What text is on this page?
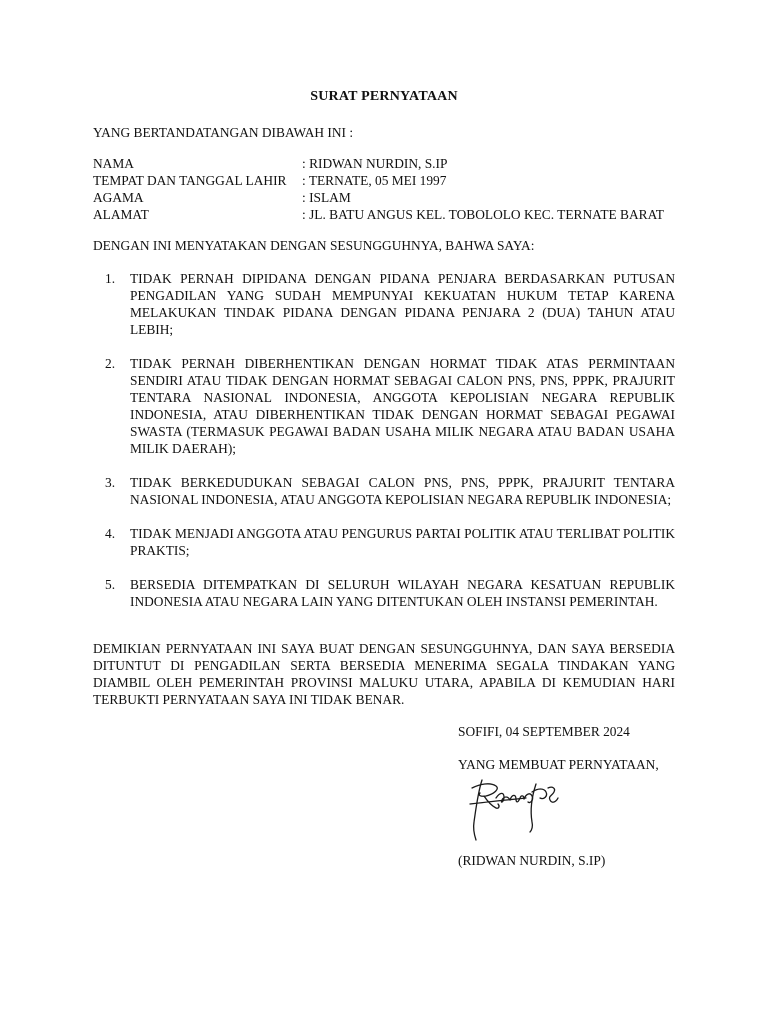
SURAT PERNYATAAN
YANG BERTANDATANGAN DIBAWAH INI :
NAMA	: RIDWAN NURDIN, S.IP
TEMPAT DAN TANGGAL LAHIR	: TERNATE, 05 MEI 1997
AGAMA	: ISLAM
ALAMAT	: JL. BATU ANGUS KEL. TOBOLOLO KEC. TERNATE BARAT
DENGAN INI MENYATAKAN DENGAN SESUNGGUHNYA, BAHWA SAYA:
1.	TIDAK PERNAH DIPIDANA DENGAN PIDANA PENJARA BERDASARKAN PUTUSAN PENGADILAN YANG SUDAH MEMPUNYAI KEKUATAN HUKUM TETAP KARENA MELAKUKAN TINDAK PIDANA DENGAN PIDANA PENJARA 2 (DUA) TAHUN ATAU LEBIH;
2.	TIDAK PERNAH DIBERHENTIKAN DENGAN HORMAT TIDAK ATAS PERMINTAAN SENDIRI ATAU TIDAK DENGAN HORMAT SEBAGAI CALON PNS, PNS, PPPK, PRAJURIT TENTARA NASIONAL INDONESIA, ANGGOTA KEPOLISIAN NEGARA REPUBLIK INDONESIA, ATAU DIBERHENTIKAN TIDAK DENGAN HORMAT SEBAGAI PEGAWAI SWASTA (TERMASUK PEGAWAI BADAN USAHA MILIK NEGARA ATAU BADAN USAHA MILIK DAERAH);
3.	TIDAK BERKEDUDUKAN SEBAGAI CALON PNS, PNS, PPPK, PRAJURIT TENTARA NASIONAL INDONESIA, ATAU ANGGOTA KEPOLISIAN NEGARA REPUBLIK INDONESIA;
4.	TIDAK MENJADI ANGGOTA ATAU PENGURUS PARTAI POLITIK ATAU TERLIBAT POLITIK PRAKTIS;
5.	BERSEDIA DITEMPATKAN DI SELURUH WILAYAH NEGARA KESATUAN REPUBLIK INDONESIA ATAU NEGARA LAIN YANG DITENTUKAN OLEH INSTANSI PEMERINTAH.
DEMIKIAN PERNYATAAN INI SAYA BUAT DENGAN SESUNGGUHNYA, DAN SAYA BERSEDIA DITUNTUT DI PENGADILAN SERTA BERSEDIA MENERIMA SEGALA TINDAKAN YANG DIAMBIL OLEH PEMERINTAH PROVINSI MALUKU UTARA, APABILA DI KEMUDIAN HARI TERBUKTI PERNYATAAN SAYA INI TIDAK BENAR.
SOFIFI, 04 SEPTEMBER 2024
YANG MEMBUAT PERNYATAAN,
(RIDWAN NURDIN, S.IP)
